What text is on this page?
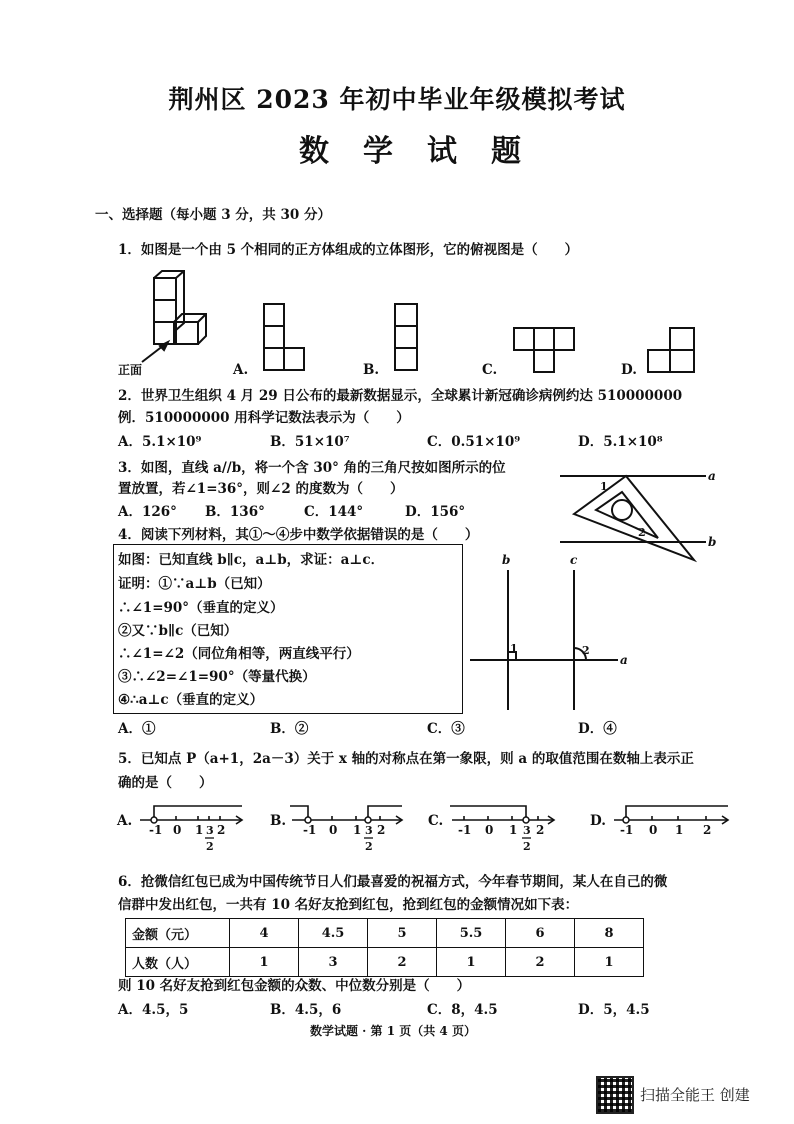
荆州区 2023 年初中毕业年级模拟考试
数学试题
一、选择题（每小题 3 分，共 30 分）
1．如图是一个由 5 个相同的正方体组成的立体图形，它的俯视图是（　　）
正面	A.	B.	C.	D.
2．世界卫生组织 4 月 29 日公布的最新数据显示，全球累计新冠确诊病例约达 510000000
例．510000000 用科学记数法表示为（　　）
A．5.1×10⁹	B．51×10⁷	C．0.51×10⁹	D．5.1×10⁸
3．如图，直线 a//b，将一个含 30° 角的三角尺按如图所示的位
置放置，若∠1=36°，则∠2 的度数为（　　）
A．126° B．136°	C．144°	D．156°
a
b
1
2
4．阅读下列材料，其①～④步中数学依据错误的是（　　）
如图：已知直线 b∥c，a⊥b，求证：a⊥c．
证明：①∵a⊥b（已知）
∴∠1=90°（垂直的定义）
②又∵b∥c（已知）
∴∠1=∠2（同位角相等，两直线平行）
③∴∠2=∠1=90°（等量代换）
④∴a⊥c（垂直的定义）
A．①	B．②	C．③	D．④
b	c
a
1	2
5．已知点 P（a+1，2a－3）关于 x 轴的对称点在第一象限，则 a 的取值范围在数轴上表示正
确的是（　　）
A.
-1 0 1 3
2
2
B.
-1 0 1 3
2
2
C.
-1 0 1 3
2
2
D.
-1 0 1 2
6．抢微信红包已成为中国传统节日人们最喜爱的祝福方式，今年春节期间，某人在自己的微
信群中发出红包，一共有 10 名好友抢到红包，抢到红包的金额情况如下表：
金额（元）	4	4.5	5	5.5	6	8
人数（人）	1	3	2	1	2	1
则 10 名好友抢到红包金额的众数、中位数分别是（　　）
A．4.5，5	B．4.5，6	C．8，4.5	D．5，4.5
数学试题 · 第 1 页（共 4 页）
扫描全能王 创建
